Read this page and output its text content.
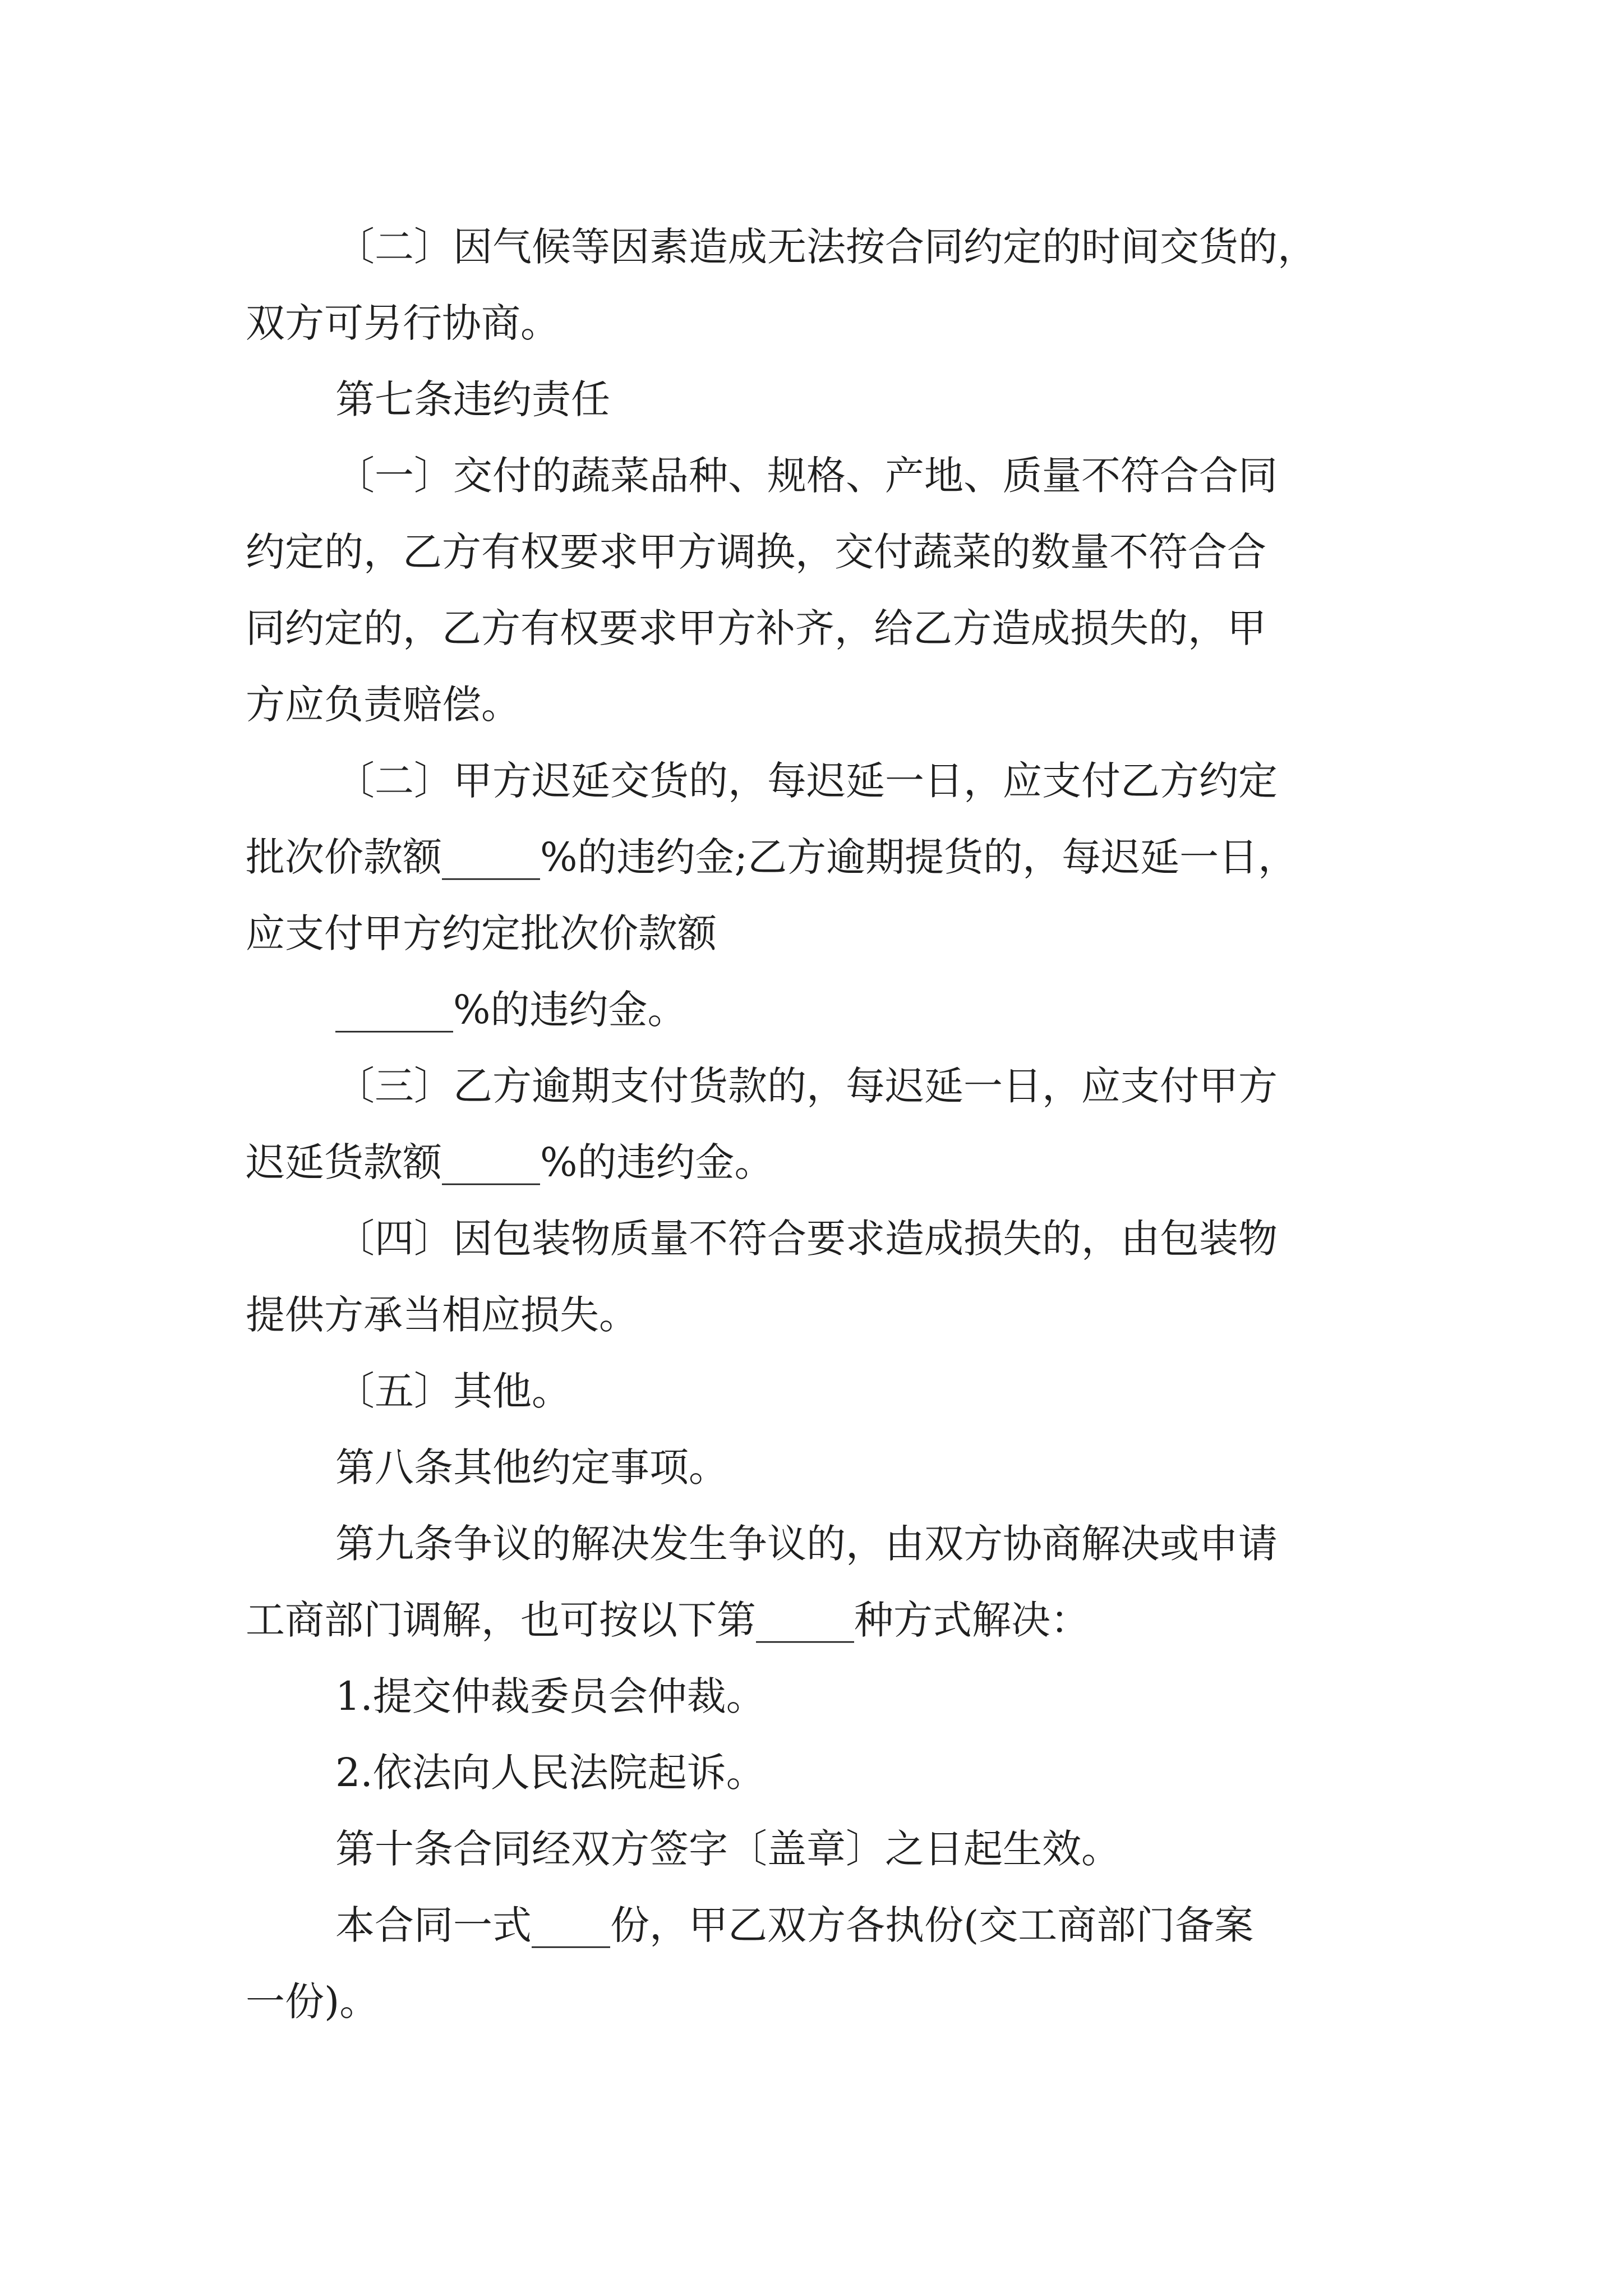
〔二〕因气候等因素造成无法按合同约定的时间交货的，
双方可另行协商。
第七条违约责任
〔一〕交付的蔬菜品种、规格、产地、质量不符合合同
约定的，乙方有权要求甲方调换，交付蔬菜的数量不符合合
同约定的，乙方有权要求甲方补齐，给乙方造成损失的，甲
方应负责赔偿。
〔二〕甲方迟延交货的，每迟延一日，应支付乙方约定
批次价款额_____%的违约金;乙方逾期提货的，每迟延一日，
应支付甲方约定批次价款额
______%的违约金。
〔三〕乙方逾期支付货款的，每迟延一日，应支付甲方
迟延货款额_____%的违约金。
〔四〕因包装物质量不符合要求造成损失的，由包装物
提供方承当相应损失。
〔五〕其他。
第八条其他约定事项。
第九条争议的解决发生争议的，由双方协商解决或申请
工商部门调解，也可按以下第_____种方式解决：
1.提交仲裁委员会仲裁。
2.依法向人民法院起诉。
第十条合同经双方签字〔盖章〕之日起生效。
本合同一式____份，甲乙双方各执份(交工商部门备案
一份)。
